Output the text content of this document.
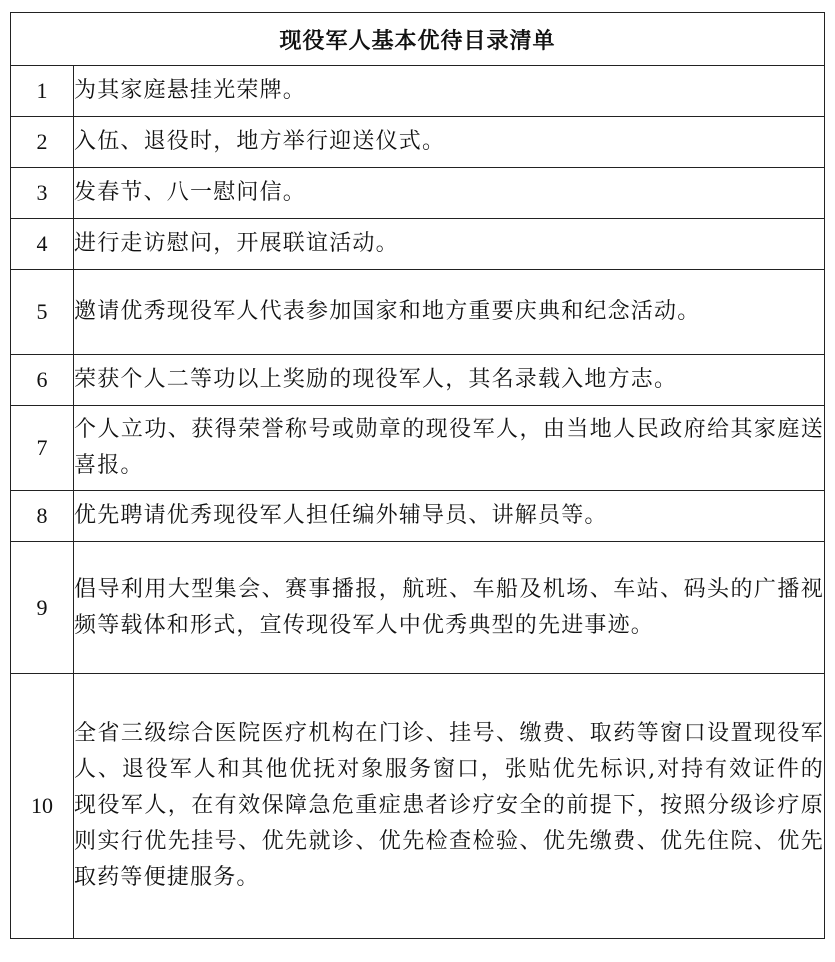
现役军人基本优待目录清单	
1	为其家庭悬挂光荣牌。
2	入伍、退役时，地方举行迎送仪式。
3	发春节、八一慰问信。
4	进行走访慰问，开展联谊活动。
5	邀请优秀现役军人代表参加国家和地方重要庆典和纪念活动。
6	荣获个人二等功以上奖励的现役军人，其名录载入地方志。
7	个人立功、获得荣誉称号或勋章的现役军人，由当地人民政府给其家庭送喜报。
8	优先聘请优秀现役军人担任编外辅导员、讲解员等。
9	倡导利用大型集会、赛事播报，航班、车船及机场、车站、码头的广播视频等载体和形式，宣传现役军人中优秀典型的先进事迹。
10	全省三级综合医院医疗机构在门诊、挂号、缴费、取药等窗口设置现役军人、退役军人和其他优抚对象服务窗口，张贴优先标识,对持有效证件的现役军人，在有效保障急危重症患者诊疗安全的前提下，按照分级诊疗原则实行优先挂号、优先就诊、优先检查检验、优先缴费、优先住院、优先取药等便捷服务。
